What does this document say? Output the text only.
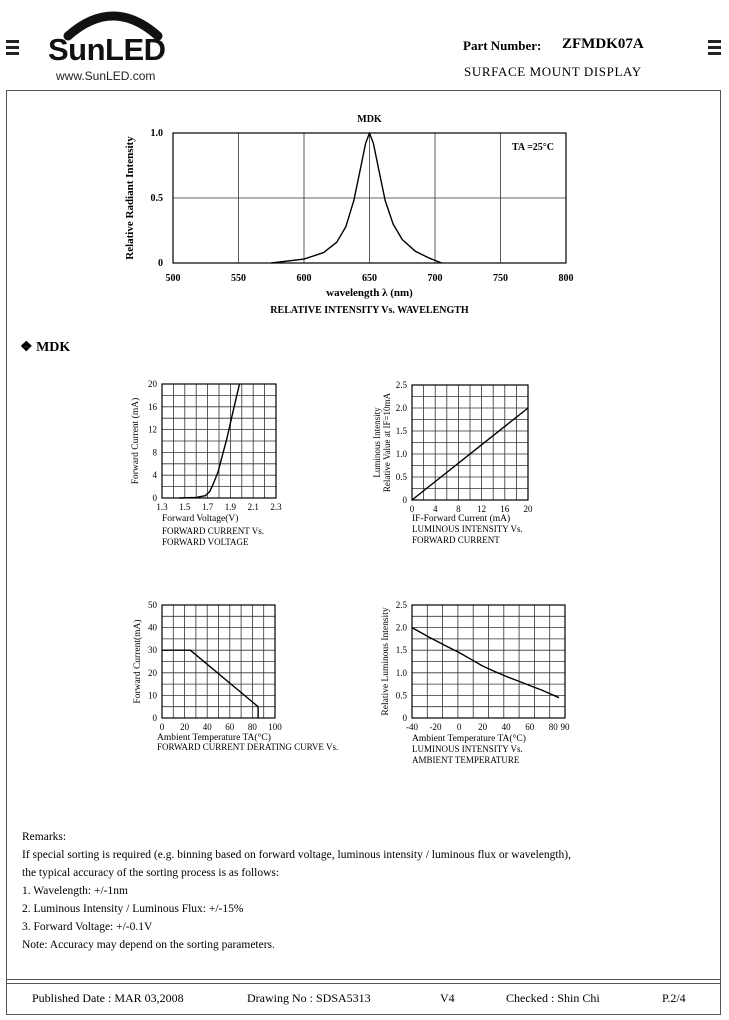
SunLED
www.SunLED.com
Part Number: ZFMDK07A
SURFACE MOUNT DISPLAY
500	550	600	650	700	750	800
0
0.5
1.0
MDK
TA =25°C
wavelength λ (nm)
RELATIVE INTENSITY Vs. WAVELENGTH
Relative Radiant Intensity
1.3 1.5 1.7 1.9 2.1 2.3
0
4
8
12
16
20
Forward Voltage(V)
FORWARD CURRENT Vs.
FORWARD VOLTAGE
Forward Current (mA)
0 4 8 12 16 20
0
0.5
1.0
1.5
2.0
2.5
IF-Forward Current (mA)
LUMINOUS INTENSITY Vs.
FORWARD CURRENT
Luminous Intensity Relative Value at IF=10mA
0 20 40 60 80 100
0
10
20
30
40
50
Ambient Temperature TA(°C)
FORWARD CURRENT DERATING CURVE Vs.
Forward Current(mA)
-40 -20 0 20 40 60 80 90
0
0.5
1.0
1.5
2.0
2.5
Ambient Temperature TA(°C)
LUMINOUS INTENSITY Vs.
AMBIENT TEMPERATURE
Relative Luminous Intensity
❖ MDK
Remarks:
If special sorting is required (e.g. binning based on forward voltage, luminous intensity / luminous flux or wavelength),
the typical accuracy of the sorting process is as follows:
1. Wavelength: +/-1nm
2. Luminous Intensity / Luminous Flux: +/-15%
3. Forward Voltage: +/-0.1V
Note: Accuracy may depend on the sorting parameters.
Published Date : MAR 03,2008	Drawing No : SDSA5313	V4	Checked : Shin Chi	P.2/4
